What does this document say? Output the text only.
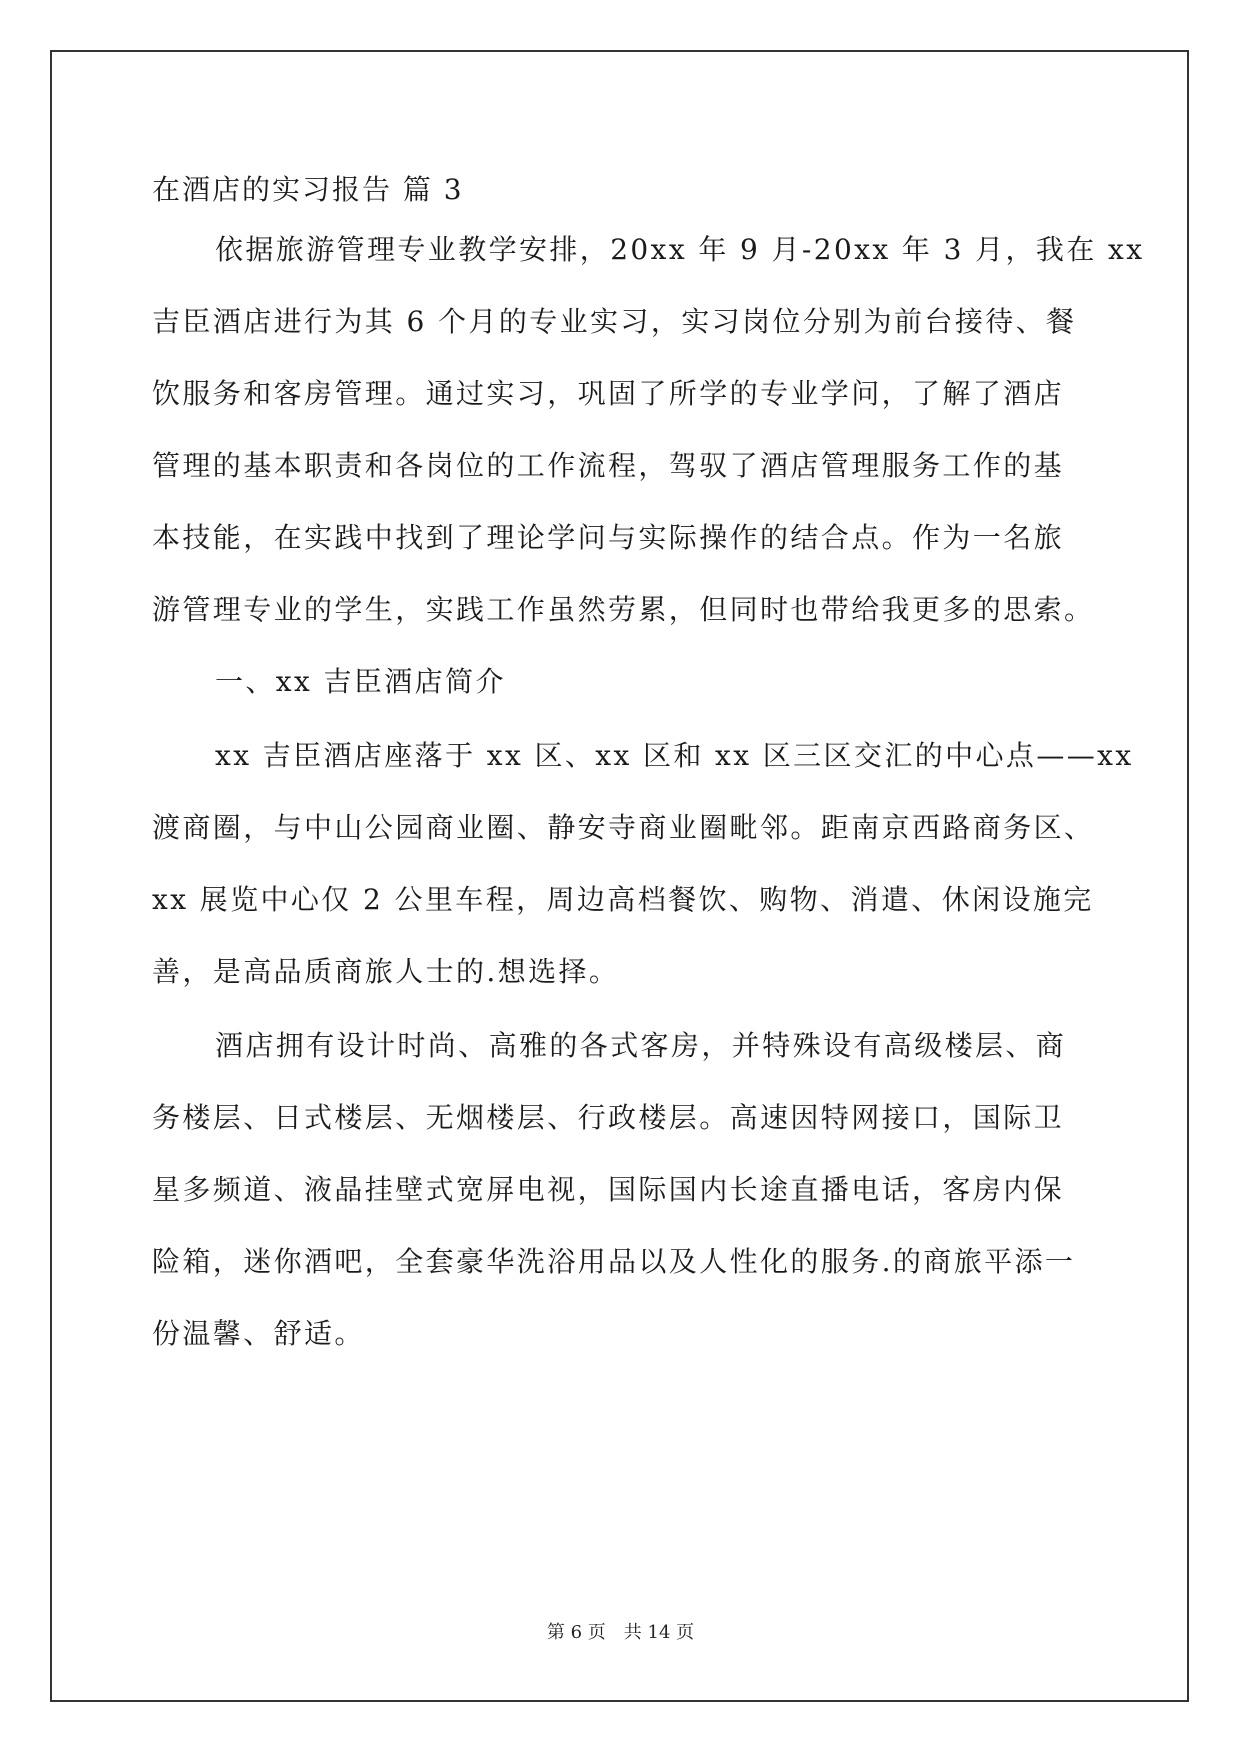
在酒店的实习报告 篇 3
依据旅游管理专业教学安排，20xx 年 9 月-20xx 年 3 月，我在 xx
吉臣酒店进行为其 6 个月的专业实习，实习岗位分别为前台接待、餐
饮服务和客房管理。通过实习，巩固了所学的专业学问，了解了酒店
管理的基本职责和各岗位的工作流程，驾驭了酒店管理服务工作的基
本技能，在实践中找到了理论学问与实际操作的结合点。作为一名旅
游管理专业的学生，实践工作虽然劳累，但同时也带给我更多的思索。
一、xx 吉臣酒店简介
xx 吉臣酒店座落于 xx 区、xx 区和 xx 区三区交汇的中心点——xx
渡商圈，与中山公园商业圈、静安寺商业圈毗邻。距南京西路商务区、
xx 展览中心仅 2 公里车程，周边高档餐饮、购物、消遣、休闲设施完
善，是高品质商旅人士的.想选择。
酒店拥有设计时尚、高雅的各式客房，并特殊设有高级楼层、商
务楼层、日式楼层、无烟楼层、行政楼层。高速因特网接口，国际卫
星多频道、液晶挂壁式宽屏电视，国际国内长途直播电话，客房内保
险箱，迷你酒吧，全套豪华洗浴用品以及人性化的服务.的商旅平添一
份温馨、舒适。
第 6 页　共 14 页
